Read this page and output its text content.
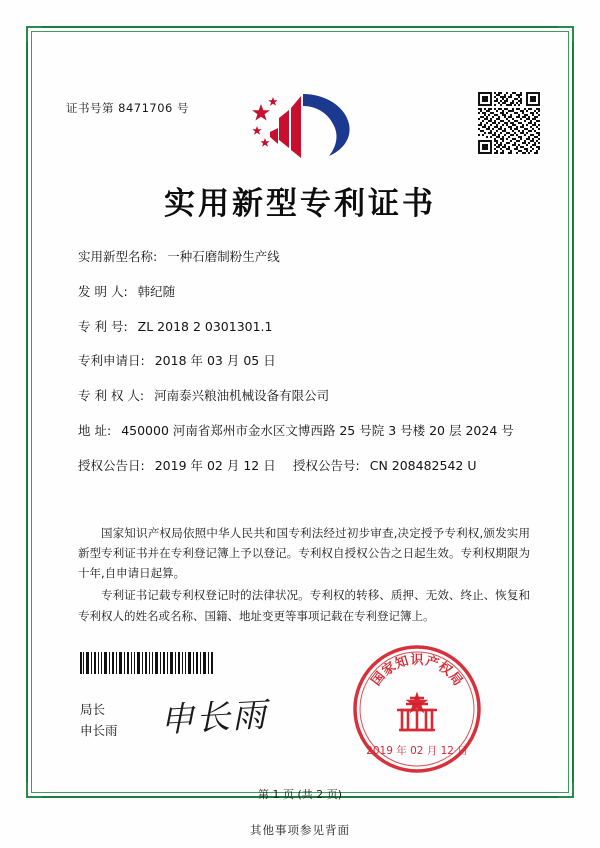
证书号第 8471706 号
实用新型专利证书
实用新型名称: 一种石磨制粉生产线
发 明 人: 韩纪随
专 利 号: ZL 2018 2 0301301.1
专利申请日: 2018 年 03 月 05 日
专 利 权 人: 河南泰兴粮油机械设备有限公司
地 址: 450000 河南省郑州市金水区文博西路 25 号院 3 号楼 20 层 2024 号
授权公告日: 2019 年 02 月 12 日	授权公告号: CN 208482542 U

国家知识产权局依照中华人民共和国专利法经过初步审查,决定授予专利权,颁发实用新型专利证书并在专利登记簿上予以登记。专利权自授权公告之日起生效。专利权期限为十年,自申请日起算。

专利证书记载专利权登记时的法律状况。专利权的转移、质押、无效、终止、恢复和专利权人的姓名或名称、国籍、地址变更等事项记载在专利登记簿上。

局长
申长雨 申长雨
国
家
知 识 产
权
局
2019 年 02 月 12 日
第 1 页 (共 2 页)
其他事项参见背面
